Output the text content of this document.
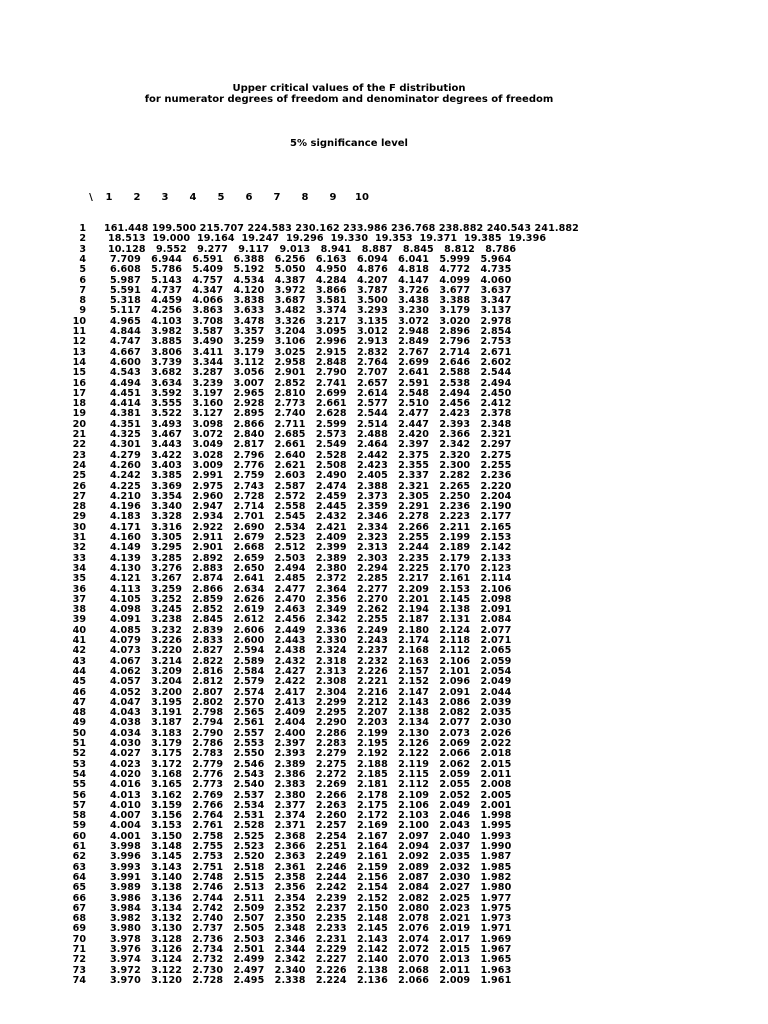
Upper critical values of the F distribution
for numerator degrees of freedom and denominator degrees of freedom
5% significance level
\	1	2	3	4	5	6	7	8	9	10
1 161.448 199.500 215.707 224.583 230.162 233.986 236.768 238.882 240.543 241.882
2 18.513  19.000  19.164  19.247  19.296  19.330  19.353  19.371  19.385  19.396
3 10.128   9.552   9.277   9.117   9.013   8.941   8.887   8.845   8.812   8.786
4	7.709   6.944   6.591   6.388   6.256   6.163   6.094   6.041   5.999   5.964
5	6.608   5.786   5.409   5.192   5.050   4.950   4.876   4.818   4.772   4.735
6	5.987   5.143   4.757   4.534   4.387   4.284   4.207   4.147   4.099   4.060
7	5.591   4.737   4.347   4.120   3.972   3.866   3.787   3.726   3.677   3.637
8	5.318   4.459   4.066   3.838   3.687   3.581   3.500   3.438   3.388   3.347
9	5.117   4.256   3.863   3.633   3.482   3.374   3.293   3.230   3.179   3.137
10	4.965   4.103   3.708   3.478   3.326   3.217   3.135   3.072   3.020   2.978
11	4.844   3.982   3.587   3.357   3.204   3.095   3.012   2.948   2.896   2.854
12	4.747   3.885   3.490   3.259   3.106   2.996   2.913   2.849   2.796   2.753
13	4.667   3.806   3.411   3.179   3.025   2.915   2.832   2.767   2.714   2.671
14	4.600   3.739   3.344   3.112   2.958   2.848   2.764   2.699   2.646   2.602
15	4.543   3.682   3.287   3.056   2.901   2.790   2.707   2.641   2.588   2.544
16	4.494   3.634   3.239   3.007   2.852   2.741   2.657   2.591   2.538   2.494
17	4.451   3.592   3.197   2.965   2.810   2.699   2.614   2.548   2.494   2.450
18	4.414   3.555   3.160   2.928   2.773   2.661   2.577   2.510   2.456   2.412
19	4.381   3.522   3.127   2.895   2.740   2.628   2.544   2.477   2.423   2.378
20	4.351   3.493   3.098   2.866   2.711   2.599   2.514   2.447   2.393   2.348
21	4.325   3.467   3.072   2.840   2.685   2.573   2.488   2.420   2.366   2.321
22	4.301   3.443   3.049   2.817   2.661   2.549   2.464   2.397   2.342   2.297
23	4.279   3.422   3.028   2.796   2.640   2.528   2.442   2.375   2.320   2.275
24	4.260   3.403   3.009   2.776   2.621   2.508   2.423   2.355   2.300   2.255
25	4.242   3.385   2.991   2.759   2.603   2.490   2.405   2.337   2.282   2.236
26	4.225   3.369   2.975   2.743   2.587   2.474   2.388   2.321   2.265   2.220
27	4.210   3.354   2.960   2.728   2.572   2.459   2.373   2.305   2.250   2.204
28	4.196   3.340   2.947   2.714   2.558   2.445   2.359   2.291   2.236   2.190
29	4.183   3.328   2.934   2.701   2.545   2.432   2.346   2.278   2.223   2.177
30	4.171   3.316   2.922   2.690   2.534   2.421   2.334   2.266   2.211   2.165
31	4.160   3.305   2.911   2.679   2.523   2.409   2.323   2.255   2.199   2.153
32	4.149   3.295   2.901   2.668   2.512   2.399   2.313   2.244   2.189   2.142
33	4.139   3.285   2.892   2.659   2.503   2.389   2.303   2.235   2.179   2.133
34	4.130   3.276   2.883   2.650   2.494   2.380   2.294   2.225   2.170   2.123
35	4.121   3.267   2.874   2.641   2.485   2.372   2.285   2.217   2.161   2.114
36	4.113   3.259   2.866   2.634   2.477   2.364   2.277   2.209   2.153   2.106
37	4.105   3.252   2.859   2.626   2.470   2.356   2.270   2.201   2.145   2.098
38	4.098   3.245   2.852   2.619   2.463   2.349   2.262   2.194   2.138   2.091
39	4.091   3.238   2.845   2.612   2.456   2.342   2.255   2.187   2.131   2.084
40	4.085   3.232   2.839   2.606   2.449   2.336   2.249   2.180   2.124   2.077
41	4.079   3.226   2.833   2.600   2.443   2.330   2.243   2.174   2.118   2.071
42	4.073   3.220   2.827   2.594   2.438   2.324   2.237   2.168   2.112   2.065
43	4.067   3.214   2.822   2.589   2.432   2.318   2.232   2.163   2.106   2.059
44	4.062   3.209   2.816   2.584   2.427   2.313   2.226   2.157   2.101   2.054
45	4.057   3.204   2.812   2.579   2.422   2.308   2.221   2.152   2.096   2.049
46	4.052   3.200   2.807   2.574   2.417   2.304   2.216   2.147   2.091   2.044
47	4.047   3.195   2.802   2.570   2.413   2.299   2.212   2.143   2.086   2.039
48	4.043   3.191   2.798   2.565   2.409   2.295   2.207   2.138   2.082   2.035
49	4.038   3.187   2.794   2.561   2.404   2.290   2.203   2.134   2.077   2.030
50	4.034   3.183   2.790   2.557   2.400   2.286   2.199   2.130   2.073   2.026
51	4.030   3.179   2.786   2.553   2.397   2.283   2.195   2.126   2.069   2.022
52	4.027   3.175   2.783   2.550   2.393   2.279   2.192   2.122   2.066   2.018
53	4.023   3.172   2.779   2.546   2.389   2.275   2.188   2.119   2.062   2.015
54	4.020   3.168   2.776   2.543   2.386   2.272   2.185   2.115   2.059   2.011
55	4.016   3.165   2.773   2.540   2.383   2.269   2.181   2.112   2.055   2.008
56	4.013   3.162   2.769   2.537   2.380   2.266   2.178   2.109   2.052   2.005
57	4.010   3.159   2.766   2.534   2.377   2.263   2.175   2.106   2.049   2.001
58	4.007   3.156   2.764   2.531   2.374   2.260   2.172   2.103   2.046   1.998
59	4.004   3.153   2.761   2.528   2.371   2.257   2.169   2.100   2.043   1.995
60	4.001   3.150   2.758   2.525   2.368   2.254   2.167   2.097   2.040   1.993
61	3.998   3.148   2.755   2.523   2.366   2.251   2.164   2.094   2.037   1.990
62	3.996   3.145   2.753   2.520   2.363   2.249   2.161   2.092   2.035   1.987
63	3.993   3.143   2.751   2.518   2.361   2.246   2.159   2.089   2.032   1.985
64	3.991   3.140   2.748   2.515   2.358   2.244   2.156   2.087   2.030   1.982
65	3.989   3.138   2.746   2.513   2.356   2.242   2.154   2.084   2.027   1.980
66	3.986   3.136   2.744   2.511   2.354   2.239   2.152   2.082   2.025   1.977
67	3.984   3.134   2.742   2.509   2.352   2.237   2.150   2.080   2.023   1.975
68	3.982   3.132   2.740   2.507   2.350   2.235   2.148   2.078   2.021   1.973
69	3.980   3.130   2.737   2.505   2.348   2.233   2.145   2.076   2.019   1.971
70	3.978   3.128   2.736   2.503   2.346   2.231   2.143   2.074   2.017   1.969
71	3.976   3.126   2.734   2.501   2.344   2.229   2.142   2.072   2.015   1.967
72	3.974   3.124   2.732   2.499   2.342   2.227   2.140   2.070   2.013   1.965
73	3.972   3.122   2.730   2.497   2.340   2.226   2.138   2.068   2.011   1.963
74	3.970   3.120   2.728   2.495   2.338   2.224   2.136   2.066   2.009   1.961
